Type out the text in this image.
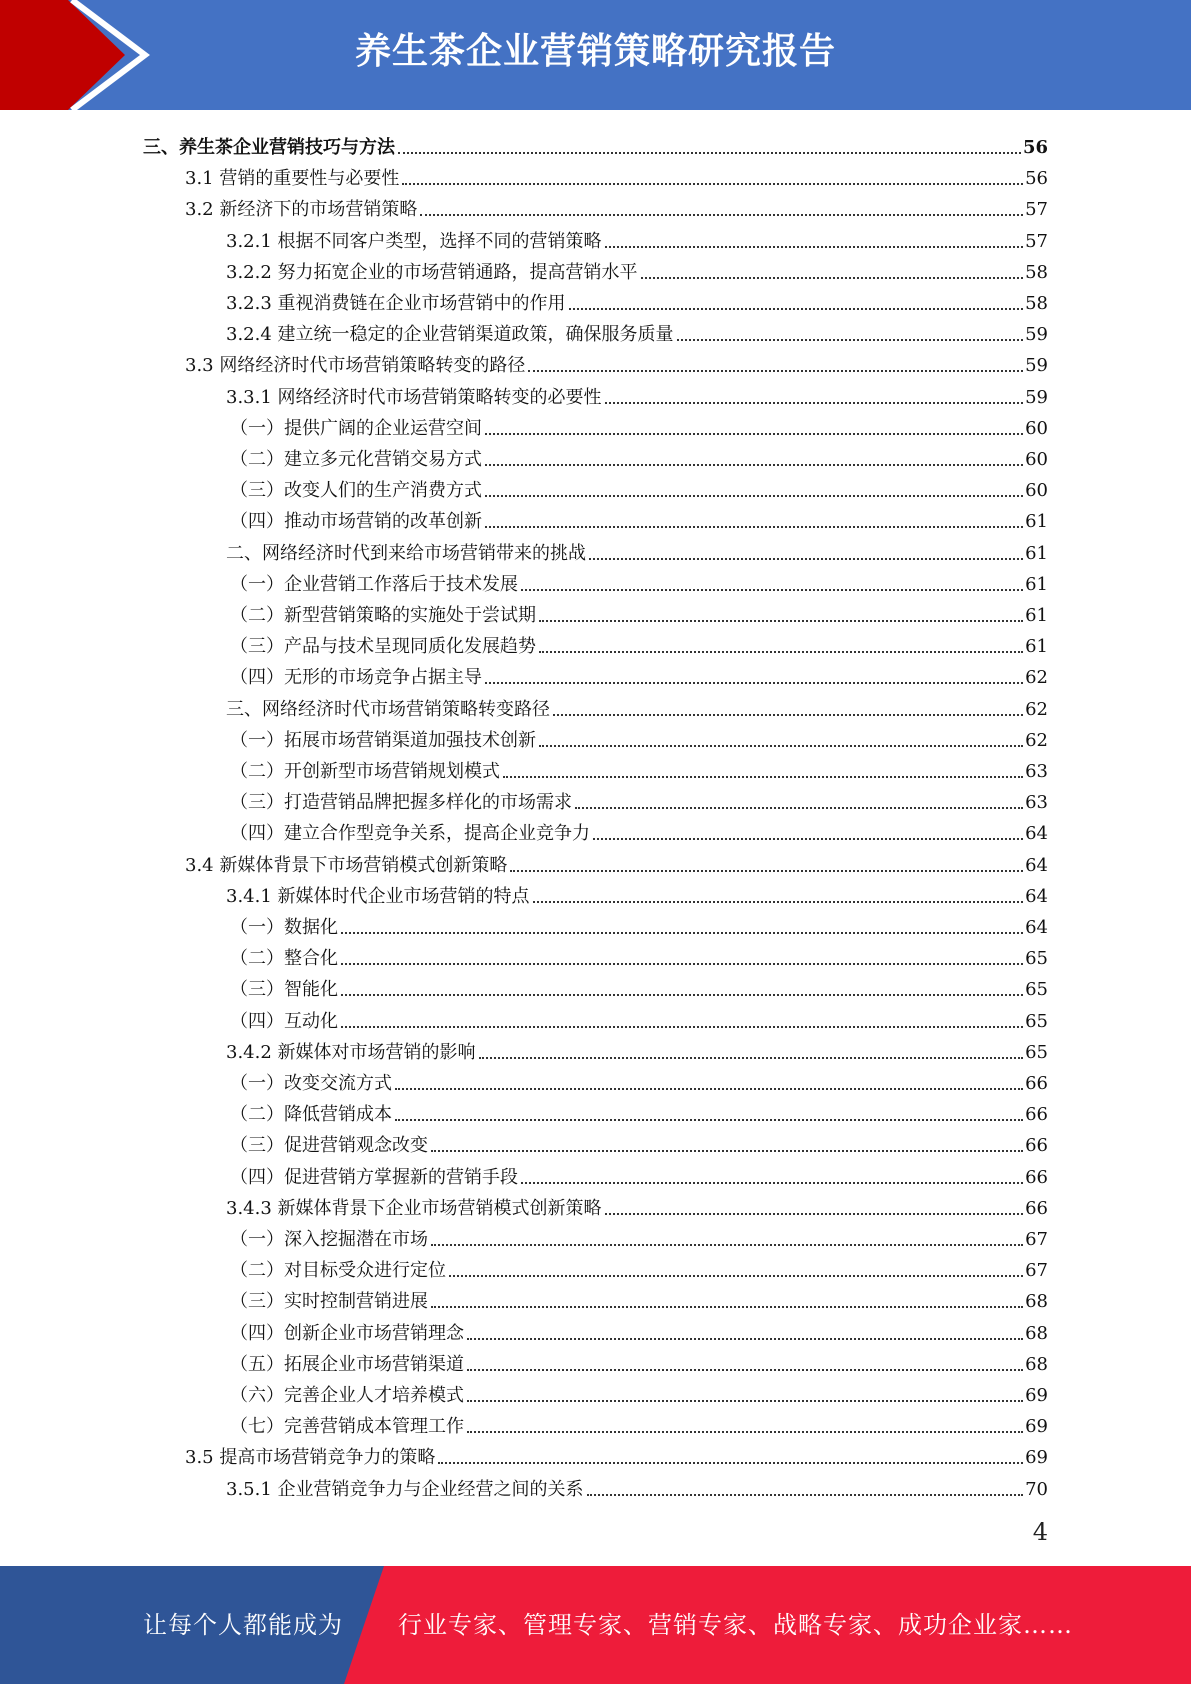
养生茶企业营销策略研究报告
三、养生茶企业营销技巧与方法	56
3.1 营销的重要性与必要性	56
3.2 新经济下的市场营销策略	57
3.2.1 根据不同客户类型，选择不同的营销策略	57
3.2.2 努力拓宽企业的市场营销通路，提高营销水平	58
3.2.3 重视消费链在企业市场营销中的作用	58
3.2.4 建立统一稳定的企业营销渠道政策，确保服务质量	59
3.3 网络经济时代市场营销策略转变的路径	59
3.3.1 网络经济时代市场营销策略转变的必要性	59
（一）提供广阔的企业运营空间	60
（二）建立多元化营销交易方式	60
（三）改变人们的生产消费方式	60
（四）推动市场营销的改革创新	61
二、网络经济时代到来给市场营销带来的挑战	61
（一）企业营销工作落后于技术发展	61
（二）新型营销策略的实施处于尝试期	61
（三）产品与技术呈现同质化发展趋势	61
（四）无形的市场竞争占据主导	62
三、网络经济时代市场营销策略转变路径	62
（一）拓展市场营销渠道加强技术创新	62
（二）开创新型市场营销规划模式	63
（三）打造营销品牌把握多样化的市场需求	63
（四）建立合作型竞争关系，提高企业竞争力	64
3.4 新媒体背景下市场营销模式创新策略	64
3.4.1 新媒体时代企业市场营销的特点	64
（一）数据化	64
（二）整合化	65
（三）智能化	65
（四）互动化	65
3.4.2 新媒体对市场营销的影响	65
（一）改变交流方式	66
（二）降低营销成本	66
（三）促进营销观念改变	66
（四）促进营销方掌握新的营销手段	66
3.4.3 新媒体背景下企业市场营销模式创新策略	66
（一）深入挖掘潜在市场	67
（二）对目标受众进行定位	67
（三）实时控制营销进展	68
（四）创新企业市场营销理念	68
（五）拓展企业市场营销渠道	68
（六）完善企业人才培养模式	69
（七）完善营销成本管理工作	69
3.5 提高市场营销竞争力的策略	69
3.5.1 企业营销竞争力与企业经营之间的关系	70
4
让每个人都能成为 行业专家、管理专家、营销专家、战略专家、成功企业家……
